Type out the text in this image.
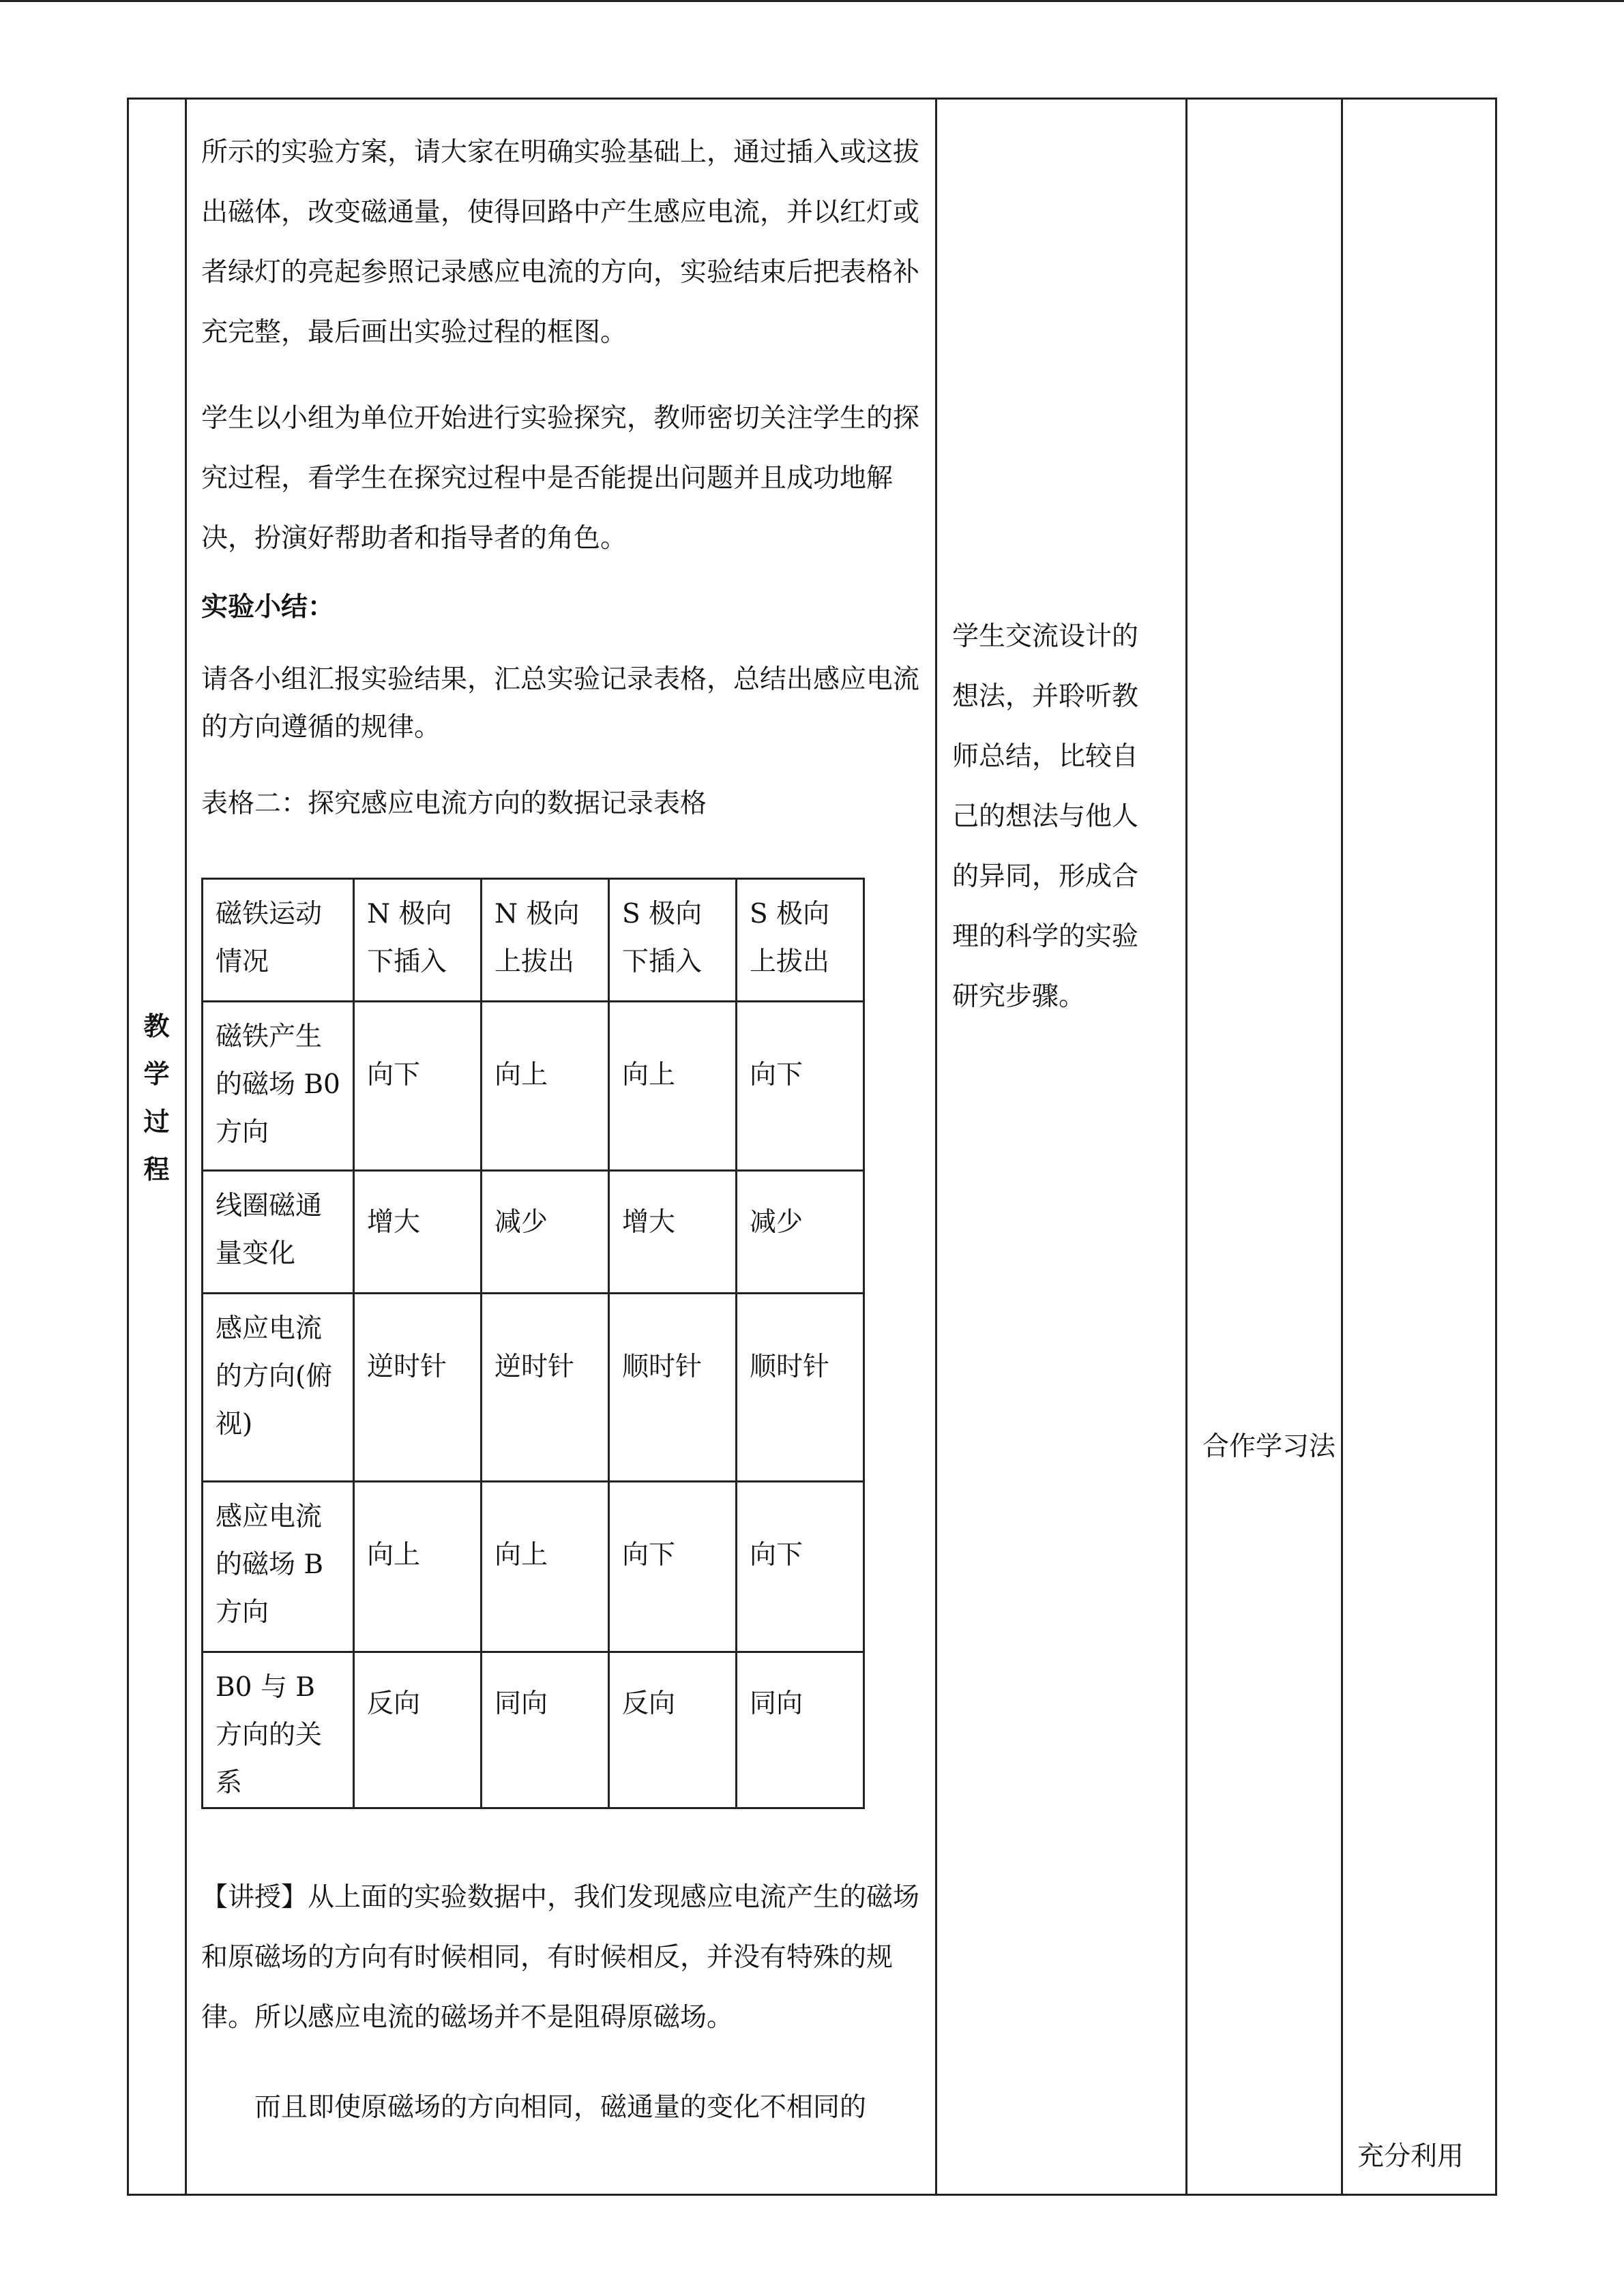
教
学
过
程
所示的实验方案，请大家在明确实验基础上，通过插入或这拔出磁体，改变磁通量，使得回路中产生感应电流，并以红灯或者绿灯的亮起参照记录感应电流的方向，实验结束后把表格补充完整，最后画出实验过程的框图。
学生以小组为单位开始进行实验探究，教师密切关注学生的探究过程，看学生在探究过程中是否能提出问题并且成功地解决，扮演好帮助者和指导者的角色。
实验小结：
请各小组汇报实验结果，汇总实验记录表格，总结出感应电流的方向遵循的规律。
表格二：探究感应电流方向的数据记录表格
磁铁运动情况	N 极向下插入	N 极向上拔出	S 极向下插入	S 极向上拔出
磁铁产生的磁场 B0 方向	向下	向上	向上	向下
线圈磁通量变化	增大	减少	增大	减少
感应电流的方向(俯视)	逆时针	逆时针	顺时针	顺时针
感应电流的磁场 B 方向	向上	向上	向下	向下
B0 与 B 方向的关系	反向	同向	反向	同向
【讲授】从上面的实验数据中，我们发现感应电流产生的磁场和原磁场的方向有时候相同，有时候相反，并没有特殊的规律。所以感应电流的磁场并不是阻碍原磁场。
而且即使原磁场的方向相同，磁通量的变化不相同的
学生交流设计的想法，并聆听教师总结，比较自己的想法与他人的异同，形成合理的科学的实验研究步骤。
合作学习法
充分利用
